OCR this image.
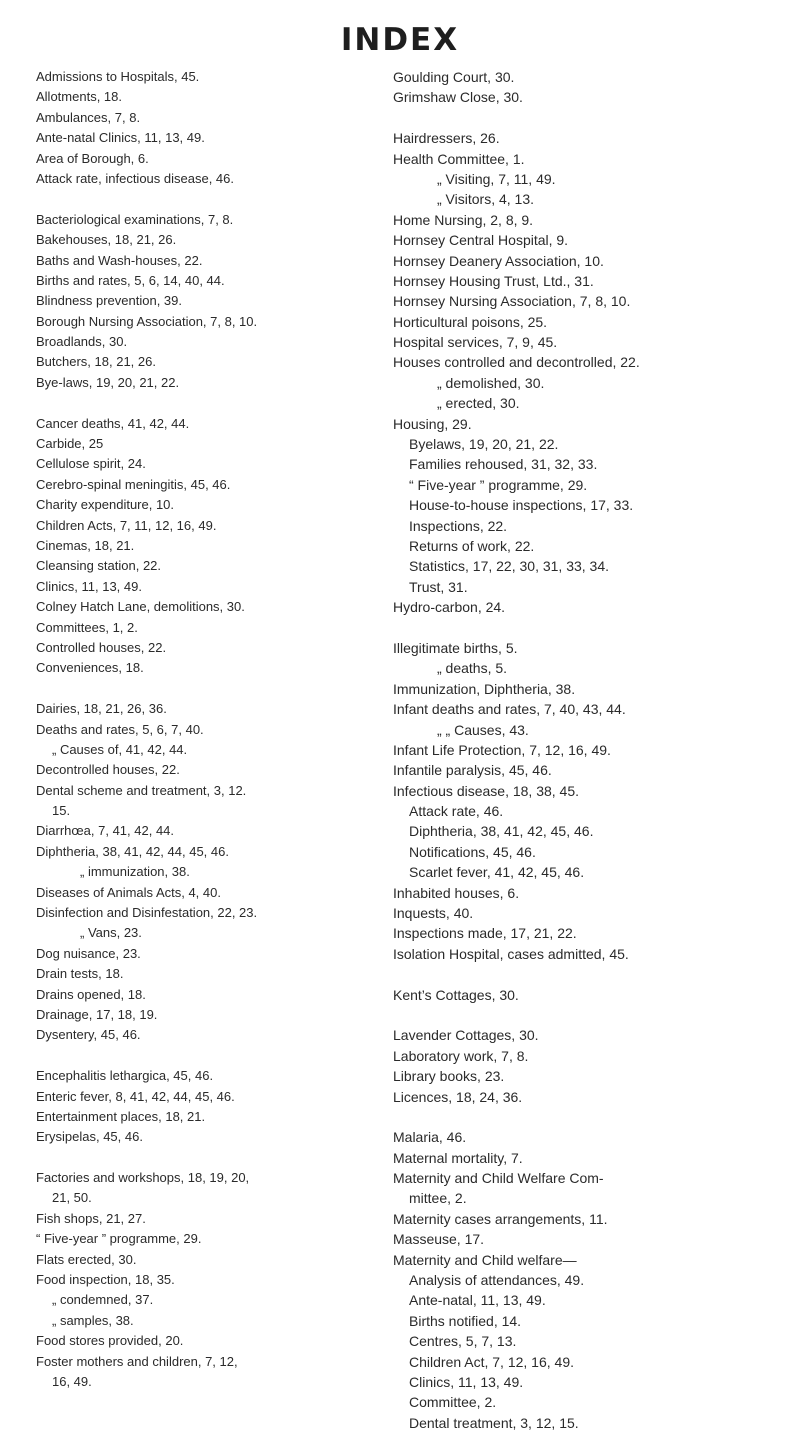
INDEX
Admissions to Hospitals, 45.
Allotments, 18.
Ambulances, 7, 8.
Ante-natal Clinics, 11, 13, 49.
Area of Borough, 6.
Attack rate, infectious disease, 46.
Bacteriological examinations, 7, 8.
Bakehouses, 18, 21, 26.
Baths and Wash-houses, 22.
Births and rates, 5, 6, 14, 40, 44.
Blindness prevention, 39.
Borough Nursing Association, 7, 8, 10.
Broadlands, 30.
Butchers, 18, 21, 26.
Bye-laws, 19, 20, 21, 22.
Cancer deaths, 41, 42, 44.
Carbide, 25
Cellulose spirit, 24.
Cerebro-spinal meningitis, 45, 46.
Charity expenditure, 10.
Children Acts, 7, 11, 12, 16, 49.
Cinemas, 18, 21.
Cleansing station, 22.
Clinics, 11, 13, 49.
Colney Hatch Lane, demolitions, 30.
Committees, 1, 2.
Controlled houses, 22.
Conveniences, 18.
Dairies, 18, 21, 26, 36.
Deaths and rates, 5, 6, 7, 40.
„ Causes of, 41, 42, 44.
Decontrolled houses, 22.
Dental scheme and treatment, 3, 12.
15.
Diarrhœa, 7, 41, 42, 44.
Diphtheria, 38, 41, 42, 44, 45, 46.
„ immunization, 38.
Diseases of Animals Acts, 4, 40.
Disinfection and Disinfestation, 22, 23.
„ Vans, 23.
Dog nuisance, 23.
Drain tests, 18.
Drains opened, 18.
Drainage, 17, 18, 19.
Dysentery, 45, 46.
Encephalitis lethargica, 45, 46.
Enteric fever, 8, 41, 42, 44, 45, 46.
Entertainment places, 18, 21.
Erysipelas, 45, 46.
Factories and workshops, 18, 19, 20,
21, 50.
Fish shops, 21, 27.
“ Five-year ” programme, 29.
Flats erected, 30.
Food inspection, 18, 35.
„ condemned, 37.
„ samples, 38.
Food stores provided, 20.
Foster mothers and children, 7, 12,
16, 49.
Goulding Court, 30.
Grimshaw Close, 30.
Hairdressers, 26.
Health Committee, 1.
„ Visiting, 7, 11, 49.
„ Visitors, 4, 13.
Home Nursing, 2, 8, 9.
Hornsey Central Hospital, 9.
Hornsey Deanery Association, 10.
Hornsey Housing Trust, Ltd., 31.
Hornsey Nursing Association, 7, 8, 10.
Horticultural poisons, 25.
Hospital services, 7, 9, 45.
Houses controlled and decontrolled, 22.
„ demolished, 30.
„ erected, 30.
Housing, 29.
Byelaws, 19, 20, 21, 22.
Families rehoused, 31, 32, 33.
“ Five-year ” programme, 29.
House-to-house inspections, 17, 33.
Inspections, 22.
Returns of work, 22.
Statistics, 17, 22, 30, 31, 33, 34.
Trust, 31.
Hydro-carbon, 24.
Illegitimate births, 5.
„ deaths, 5.
Immunization, Diphtheria, 38.
Infant deaths and rates, 7, 40, 43, 44.
„ „ Causes, 43.
Infant Life Protection, 7, 12, 16, 49.
Infantile paralysis, 45, 46.
Infectious disease, 18, 38, 45.
Attack rate, 46.
Diphtheria, 38, 41, 42, 45, 46.
Notifications, 45, 46.
Scarlet fever, 41, 42, 45, 46.
Inhabited houses, 6.
Inquests, 40.
Inspections made, 17, 21, 22.
Isolation Hospital, cases admitted, 45.
Kent’s Cottages, 30.
Lavender Cottages, 30.
Laboratory work, 7, 8.
Library books, 23.
Licences, 18, 24, 36.
Malaria, 46.
Maternal mortality, 7.
Maternity and Child Welfare Com-
mittee, 2.
Maternity cases arrangements, 11.
Masseuse, 17.
Maternity and Child welfare—
Analysis of attendances, 49.
Ante-natal, 11, 13, 49.
Births notified, 14.
Centres, 5, 7, 13.
Children Act, 7, 12, 16, 49.
Clinics, 11, 13, 49.
Committee, 2.
Dental treatment, 3, 12, 15.
